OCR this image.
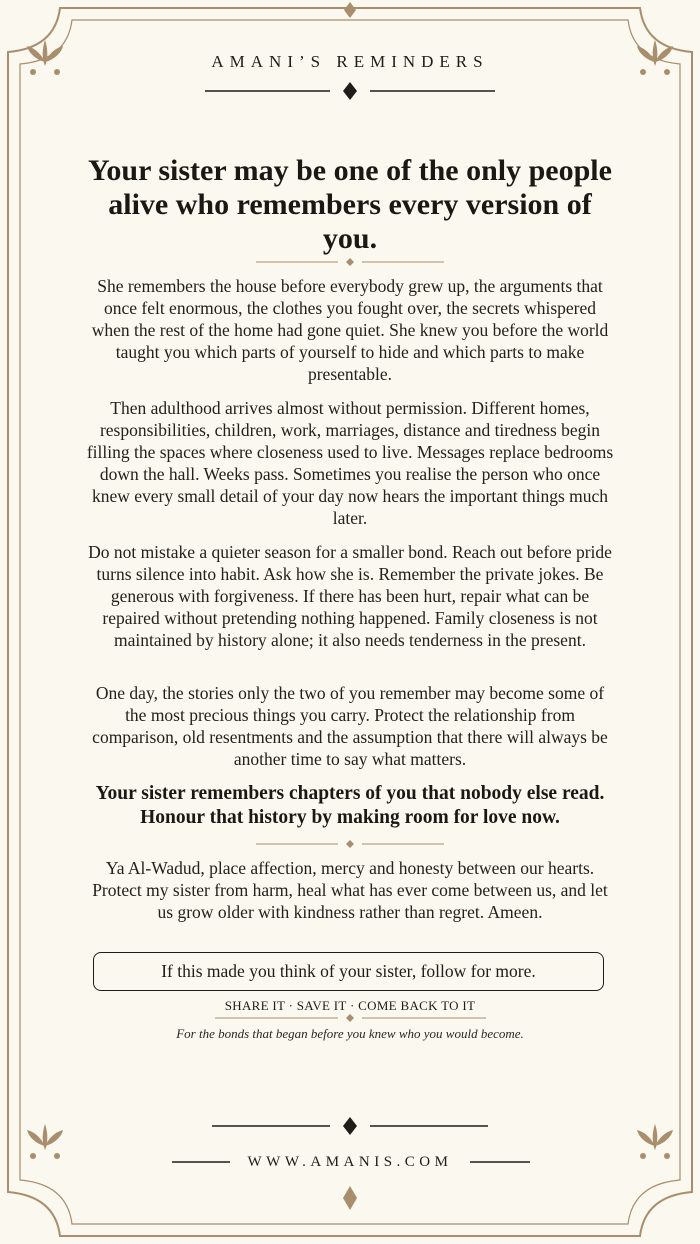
AMANI’S REMINDERS
Your sister may be one of the only people alive who remembers every version of you.

She remembers the house before everybody grew up, the arguments that once felt enormous, the clothes you fought over, the secrets whispered when the rest of the home had gone quiet. She knew you before the world taught you which parts of yourself to hide and which parts to make presentable.

Then adulthood arrives almost without permission. Different homes, responsibilities, children, work, marriages, distance and tiredness begin filling the spaces where closeness used to live. Messages replace bedrooms down the hall. Weeks pass. Sometimes you realise the person who once knew every small detail of your day now hears the important things much later.

Do not mistake a quieter season for a smaller bond. Reach out before pride turns silence into habit. Ask how she is. Remember the private jokes. Be generous with forgiveness. If there has been hurt, repair what can be repaired without pretending nothing happened. Family closeness is not maintained by history alone; it also needs tenderness in the present.

One day, the stories only the two of you remember may become some of the most precious things you carry. Protect the relationship from comparison, old resentments and the assumption that there will always be another time to say what matters.

Your sister remembers chapters of you that nobody else read. Honour that history by making room for love now.

Ya Al-Wadud, place affection, mercy and honesty between our hearts. Protect my sister from harm, heal what has ever come between us, and let us grow older with kindness rather than regret. Ameen.

If this made you think of your sister, follow for more.
SHARE IT · SAVE IT · COME BACK TO IT
For the bonds that began before you knew who you would become.
WWW.AMANIS.COM
